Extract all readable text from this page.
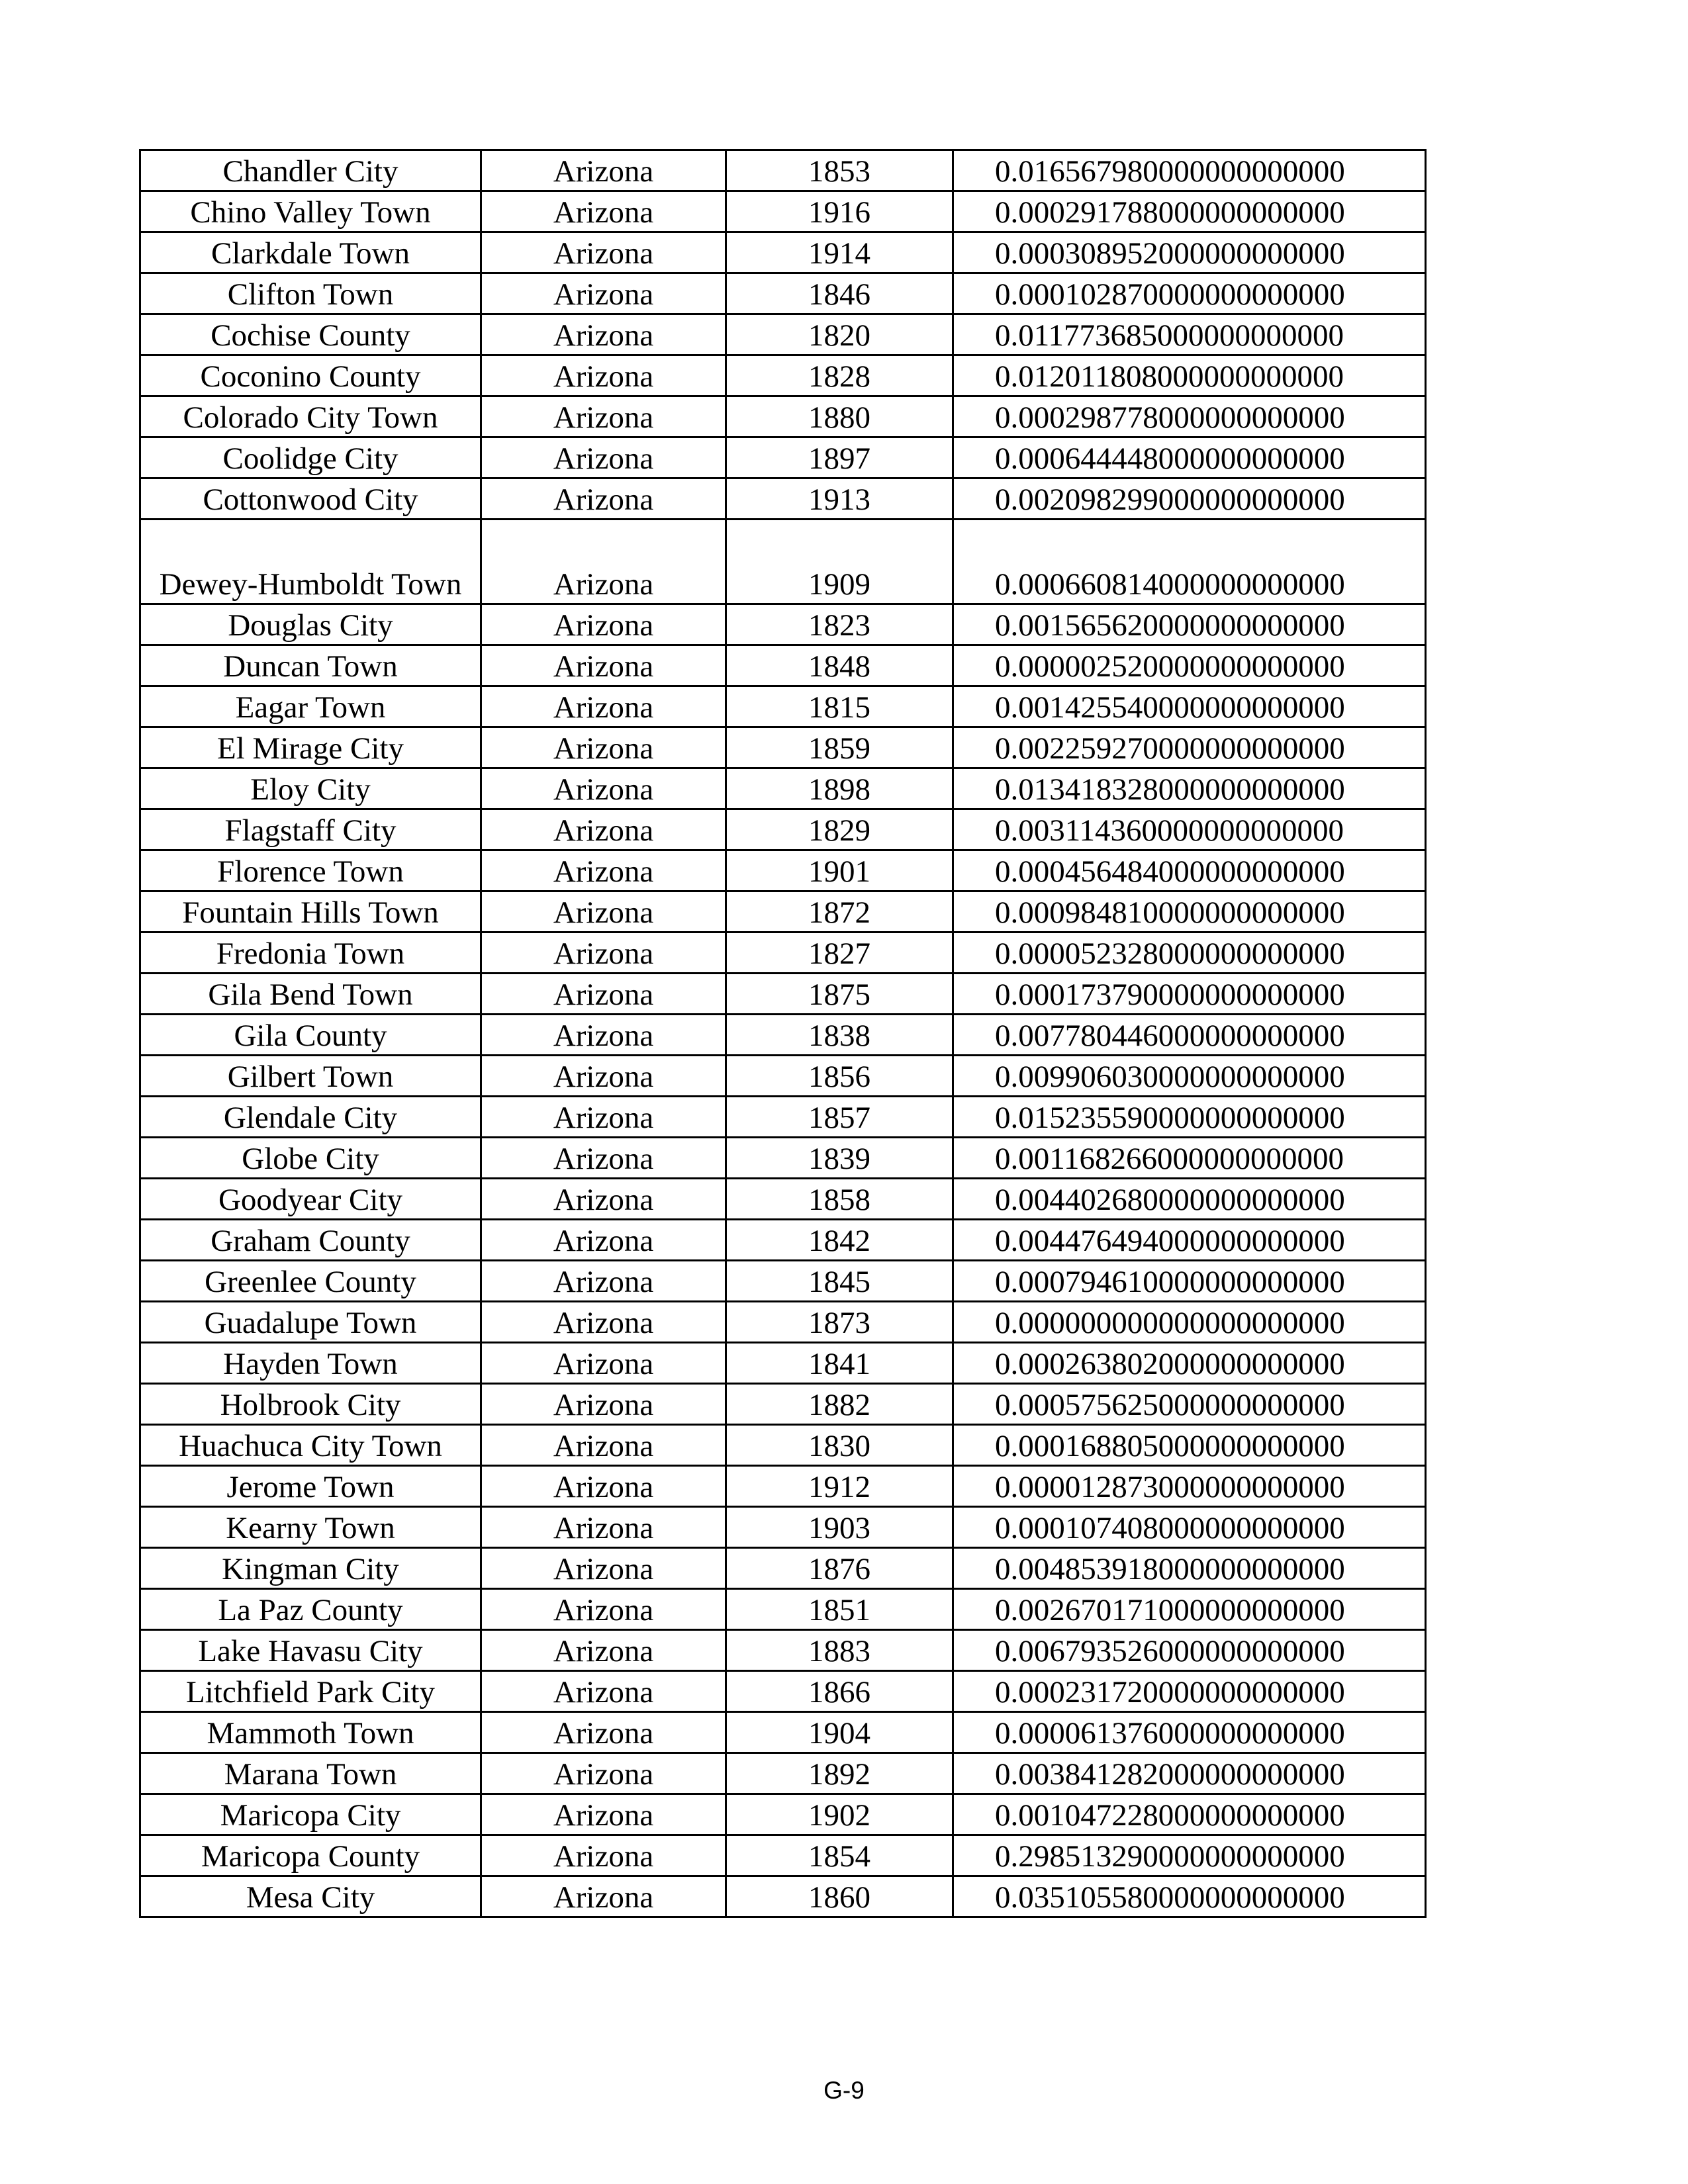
Chandler City	Arizona	1853	0.016567980000000000000
Chino Valley Town	Arizona	1916	0.000291788000000000000
Clarkdale Town	Arizona	1914	0.000308952000000000000
Clifton Town	Arizona	1846	0.000102870000000000000
Cochise County	Arizona	1820	0.011773685000000000000
Coconino County	Arizona	1828	0.012011808000000000000
Colorado City Town	Arizona	1880	0.000298778000000000000
Coolidge City	Arizona	1897	0.000644448000000000000
Cottonwood City	Arizona	1913	0.002098299000000000000
Dewey-Humboldt Town	Arizona	1909	0.000660814000000000000
Douglas City	Arizona	1823	0.001565620000000000000
Duncan Town	Arizona	1848	0.000002520000000000000
Eagar Town	Arizona	1815	0.001425540000000000000
El Mirage City	Arizona	1859	0.002259270000000000000
Eloy City	Arizona	1898	0.013418328000000000000
Flagstaff City	Arizona	1829	0.003114360000000000000
Florence Town	Arizona	1901	0.000456484000000000000
Fountain Hills Town	Arizona	1872	0.000984810000000000000
Fredonia Town	Arizona	1827	0.000052328000000000000
Gila Bend Town	Arizona	1875	0.000173790000000000000
Gila County	Arizona	1838	0.007780446000000000000
Gilbert Town	Arizona	1856	0.009906030000000000000
Glendale City	Arizona	1857	0.015235590000000000000
Globe City	Arizona	1839	0.001168266000000000000
Goodyear City	Arizona	1858	0.004402680000000000000
Graham County	Arizona	1842	0.004476494000000000000
Greenlee County	Arizona	1845	0.000794610000000000000
Guadalupe Town	Arizona	1873	0.000000000000000000000
Hayden Town	Arizona	1841	0.000263802000000000000
Holbrook City	Arizona	1882	0.000575625000000000000
Huachuca City Town	Arizona	1830	0.000168805000000000000
Jerome Town	Arizona	1912	0.000012873000000000000
Kearny Town	Arizona	1903	0.000107408000000000000
Kingman City	Arizona	1876	0.004853918000000000000
La Paz County	Arizona	1851	0.002670171000000000000
Lake Havasu City	Arizona	1883	0.006793526000000000000
Litchfield Park City	Arizona	1866	0.000231720000000000000
Mammoth Town	Arizona	1904	0.000061376000000000000
Marana Town	Arizona	1892	0.003841282000000000000
Maricopa City	Arizona	1902	0.001047228000000000000
Maricopa County	Arizona	1854	0.298513290000000000000
Mesa City	Arizona	1860	0.035105580000000000000
G-9
